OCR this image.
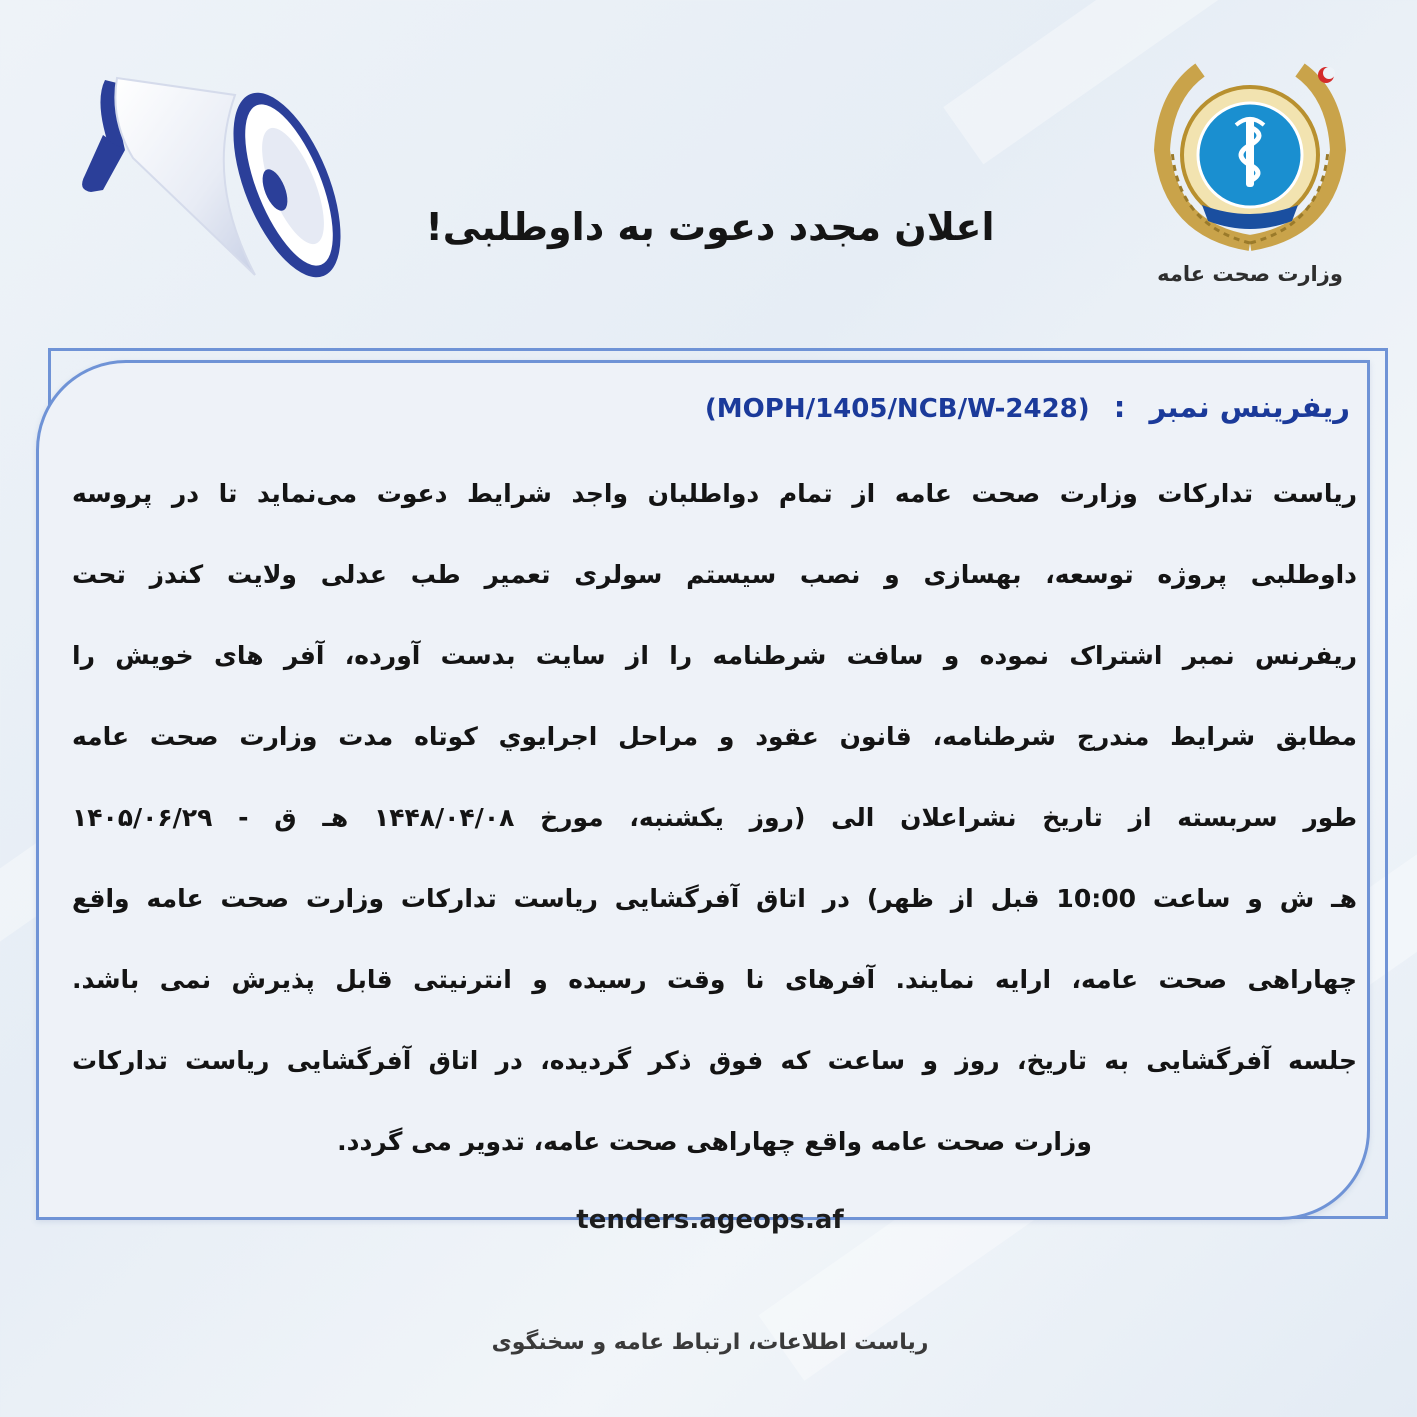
وزارت صحت عامه
اعلان مجدد دعوت به داوطلبی!
ریفرینس نمبر : (MOPH/1405/NCB/W-2428)
ریاست تدارکات وزارت صحت عامه از تمام دواطلبان واجد شرایط دعوت می‌نماید تا در پروسه
داوطلبی پروژه توسعه، بهسازی و نصب سیستم سولری تعمیر طب عدلی ولایت کندز تحت
ریفرنس نمبر اشتراک نموده و سافت شرطنامه را از سایت بدست آورده، آفر های خویش را
مطابق شرایط مندرج شرطنامه، قانون عقود و مراحل اجرایوي کوتاه مدت وزارت صحت عامه
طور سربسته از تاریخ نشراعلان الی (روز یکشنبه، مورخ ۱۴۴۸/۰۴/۰۸ هـ ق - ۱۴۰۵/۰۶/۲۹
هـ ش و ساعت 10:00 قبل از ظهر) در اتاق آفرگشایی ریاست تدارکات وزارت صحت عامه واقع
چهاراهی صحت عامه، ارایه نمایند. آفرهای نا وقت رسیده و انترنیتی قابل پذیرش نمی باشد.
جلسه آفرگشایی به تاریخ، روز و ساعت که فوق ذکر گردیده، در اتاق آفرگشایی ریاست تدارکات
وزارت صحت عامه واقع چهاراهی صحت عامه، تدویر می گردد.
tenders.ageops.af
ریاست اطلاعات، ارتباط عامه و سخنگوی
